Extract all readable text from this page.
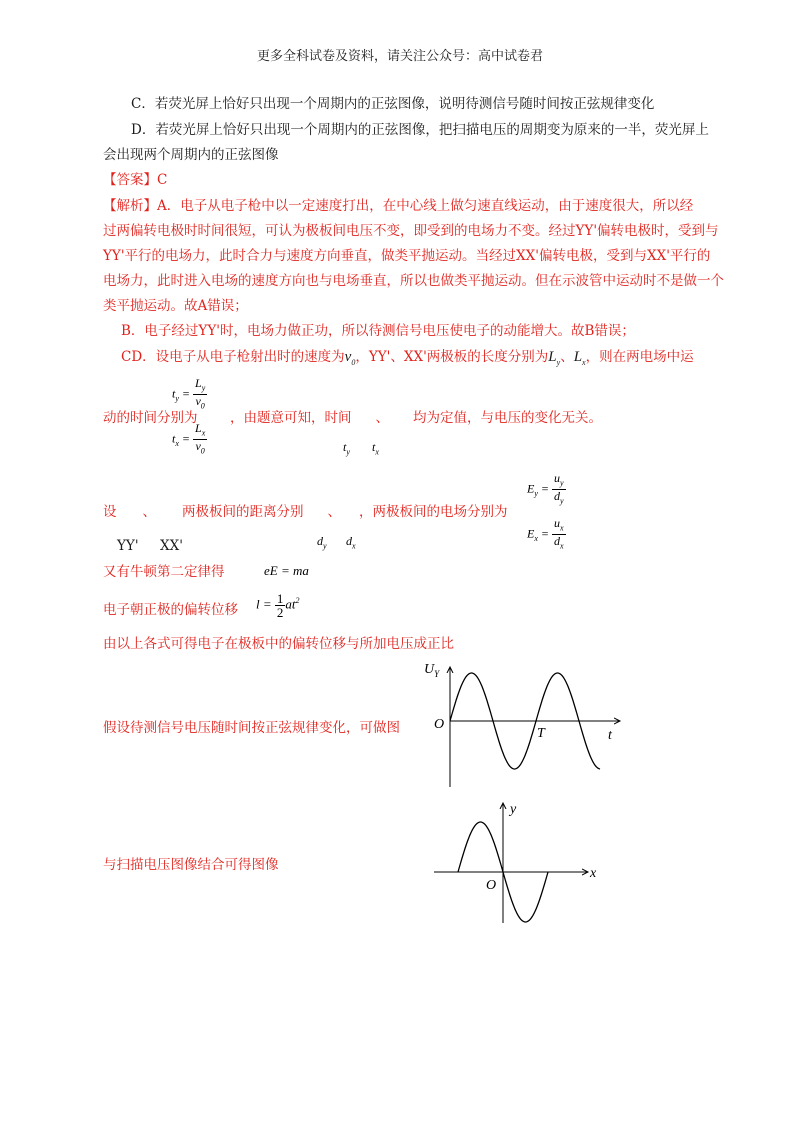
更多全科试卷及资料，请关注公众号：高中试卷君
C．若荧光屏上恰好只出现一个周期内的正弦图像，说明待测信号随时间按正弦规律变化
D．若荧光屏上恰好只出现一个周期内的正弦图像，把扫描电压的周期变为原来的一半，荧光屏上
会出现两个周期内的正弦图像
【答案】C
【解析】A．电子从电子枪中以一定速度打出，在中心线上做匀速直线运动，由于速度很大，所以经
过两偏转电极时时间很短，可认为极板间电压不变，即受到的电场力不变。经过YY'偏转电极时，受到与
YY'平行的电场力，此时合力与速度方向垂直，做类平抛运动。当经过XX'偏转电极，受到与XX'平行的
电场力，此时进入电场的速度方向也与电场垂直，所以也做类平抛运动。但在示波管中运动时不是做一个
类平抛运动。故A错误；
B．电子经过YY'时，电场力做正功，所以待测信号电压使电子的动能增大。故B错误；
CD．设电子从电子枪射出时的速度为$v_0$，YY'、XX'两极板的长度分别为$L_y$、$L_x$，则在两电场中运
$t_y = \frac{L_y}{v_0}$
$t_x = \frac{L_x}{v_0}$
动的时间分别为 ，由题意可知，时间 、 均为定值，与电压的变化无关。
$t_y$ $t_x$
设 、 两极板间的距离分别 、 ，两极板间的电场分别为
YY' XX'	$d_y$ $d_x$
$E_y = \frac{u_y}{d_y}$
$E_x = \frac{u_x}{d_x}$
又有牛顿第二定律得	eE = ma
电子朝正极的偏转位移 $l = \frac{1}{2} at^2$
由以上各式可得电子在极板中的偏转位移与所加电压成正比
假设待测信号电压随时间按正弦规律变化，可做图
$U_Y$
O
T	t
与扫描电压图像结合可得图像
y
O
x
